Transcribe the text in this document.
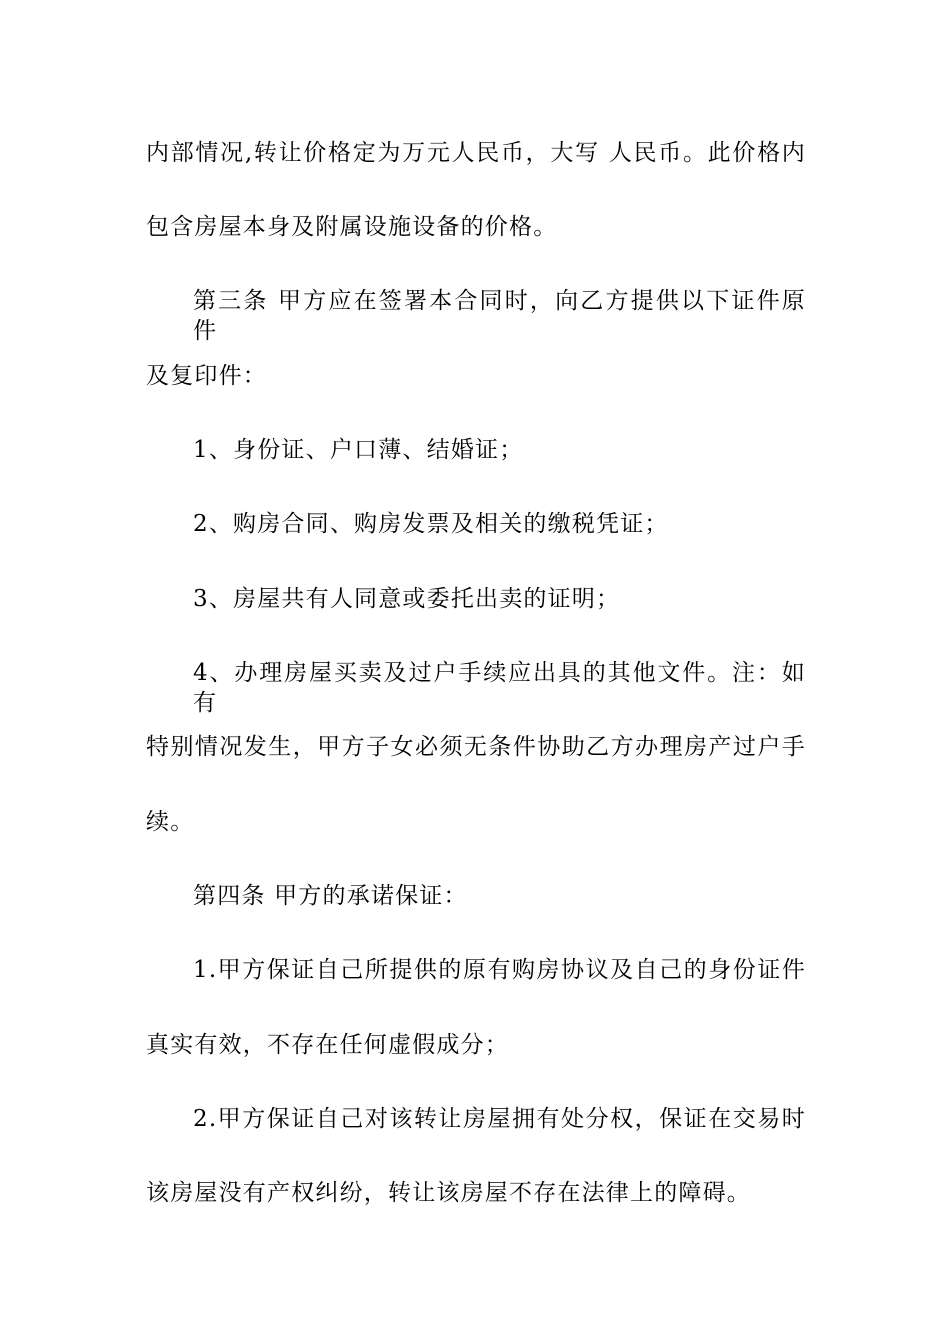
内部情况,转让价格定为万元人民币，大写 人民币。此价格内
包含房屋本身及附属设施设备的价格。
第三条 甲方应在签署本合同时，向乙方提供以下证件原件
及复印件：
1、身份证、户口薄、结婚证；
2、购房合同、购房发票及相关的缴税凭证；
3、房屋共有人同意或委托出卖的证明；
4、办理房屋买卖及过户手续应出具的其他文件。注：如有
特别情况发生，甲方子女必须无条件协助乙方办理房产过户手
续。
第四条 甲方的承诺保证：
1.甲方保证自己所提供的原有购房协议及自己的身份证件
真实有效，不存在任何虚假成分；
2.甲方保证自己对该转让房屋拥有处分权，保证在交易时
该房屋没有产权纠纷，转让该房屋不存在法律上的障碍。
